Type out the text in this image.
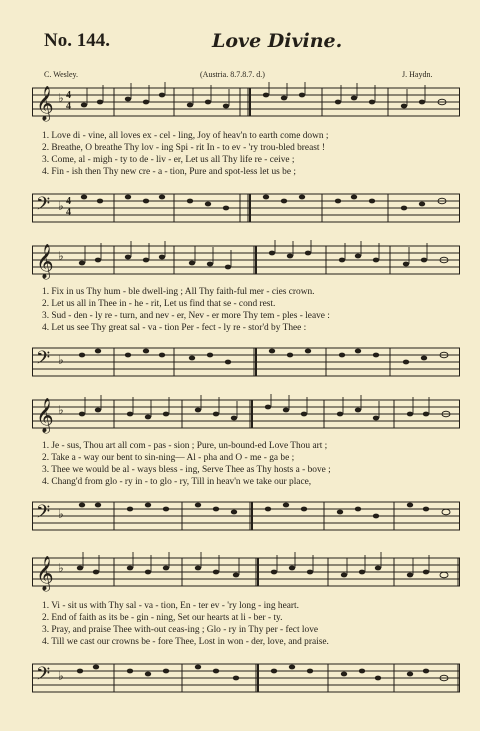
No. 144.	Love Divine.
C. Wesley.	(Austria. 8.7.8.7. d.)	J. Haydn.
𝄞 ♭ 4
4
1. Love di - vine, all loves ex - cel - ling, Joy of heav'n to earth come down ;
2. Breathe, O breathe Thy lov - ing Spi - rit In - to ev - 'ry trou-bled breast !
3. Come, al - migh - ty to de - liv - er, Let us all Thy life re - ceive ;
4. Fin - ish then Thy new cre - a - tion, Pure and spot-less let us be ;
𝄢 ♭ 4
4
𝄞 ♭
1. Fix in us Thy hum - ble dwell-ing ; All Thy faith-ful mer - cies crown.
2. Let us all in Thee in - he - rit, Let us find that se - cond rest.
3. Sud - den - ly re - turn, and nev - er, Nev - er more Thy tem - ples - leave :
4. Let us see Thy great sal - va - tion Per - fect - ly re - stor'd by Thee :
𝄢 ♭
𝄞 ♭
1. Je - sus, Thou art all com - pas - sion ; Pure, un-bound-ed Love Thou art ;
2. Take a - way our bent to sin-ning— Al - pha and O - me - ga be ;
3. Thee we would be al - ways bless - ing, Serve Thee as Thy hosts a - bove ;
4. Chang'd from glo - ry in - to glo - ry, Till in heav'n we take our place,
𝄢 ♭
𝄞 ♭
1. Vi - sit us with Thy sal - va - tion, En - ter ev - 'ry long - ing heart.
2. End of faith as its be - gin - ning, Set our hearts at li - ber - ty.
3. Pray, and praise Thee with-out ceas-ing ; Glo - ry in Thy per - fect love
4. Till we cast our crowns be - fore Thee, Lost in won - der, love, and praise.
𝄢 ♭
